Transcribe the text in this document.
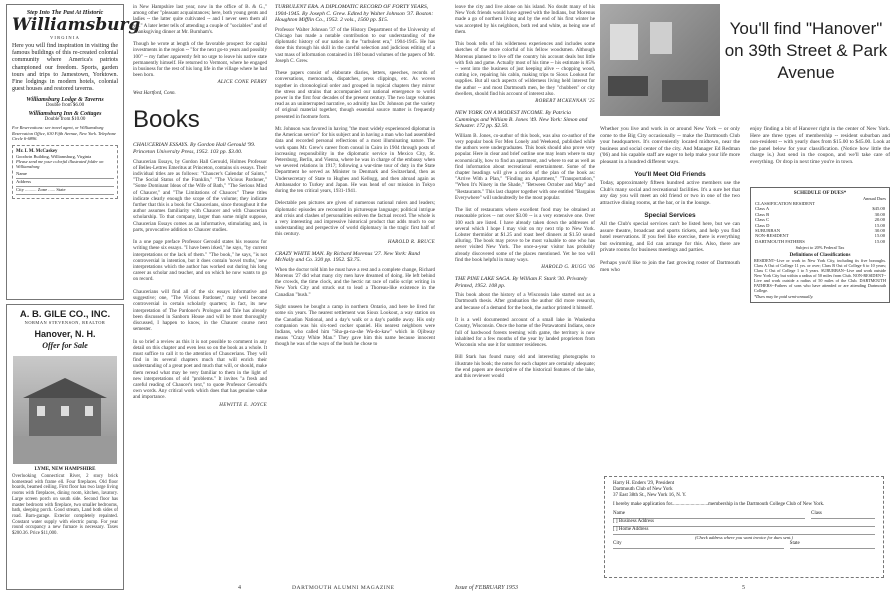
Step Into The Past At Historic
Williamsburg
VIRGINIA
Here you will find inspiration in visiting the famous buildings of this re-created colonial community where America's patriots championed our freedom. Sports, garden tours and trips to Jamestown, Yorktown. Fine lodgings in modern hotels, colonial guest houses and restored taverns.
Williamsburg Lodge & Taverns
Double from $6.00
Williamsburg Inn & Cottages
Double from $10.00
For Reservations: see travel agent, or Williamsburg Reservation Office, 630 Fifth Avenue, New York. Telephone Circle 6-6896.
Mr. I. M. McCaskey
Goodwin Building, Williamsburg, Virginia
Please send me your colorful illustrated folder on Williamsburg
Name
Address
City .......... Zone ...... State
A. B. GILE CO., INC.
NORMAN STEVENSON, REALTOR
Hanover, N. H.
Offer for Sale
LYME, NEW HAMPSHIRE
Overlooking Connecticut River, 2 story brick homestead with frame ell. Four fireplaces. Old floor boards, beamed ceiling. First floor has two large living rooms with fireplaces, dining room, kitchen, lavatory. Large screen porch on south side. Second floor has master bedroom with fireplace, two smaller bedrooms, bath, sleeping porch. Good stream, Land both sides of road. Barn-garage. Exterior completely repainted. Constant water supply with electric pump. For year round occupancy a new furnace is necessary. Taxes $200.36. Price $11,000.
in New Hampshire last year, now in the office of B. & G.," among other "pleasant acquaintances; here, both young gents and ladies -- the latter quite cultivated -- and I never seen them all yet." A later letter tells of attending a couple of "sociables" and of Thanksgiving dinner at Mr. Burnham's.

Though he wrote at length of the favorable prospect for capital investments in the region -- "for the next go-to years and possibly 100" -- my father apparently felt no urge to leave his native state permanently himself. He returned to Vermont, where he engaged in business for the rest of his long life in the village where he had been born.
ALICE CONE PERRY
West Hartford, Conn.
Books
CHAUCERIAN ESSAYS. By Gordon Hall Gerould '99. Princeton University Press, 1952. 103 pp. $3.00.
Chaucerian Essays, by Gordon Hall Gerould, Holmes Professor of Belles-Lettres Emeritus at Princeton, contains six essays. Their individual titles are as follows: "Chaucer's Calendar of Saints," "The Social Status of the Franklin," "The Vicious Pardoner," "Some Dominant Ideas of the Wife of Bath," "The Serious Mind of Chaucer," and "The Limitations of Chaucer." These titles indicate clearly enough the scope of the volume; they indicate further that this is a book for Chaucerians, since throughout it the author assumes familiarity with Chaucer and with Chaucerian scholarship. To that company, larger than some might suppose, Chaucerian Essays comes as an informative, stimulating and, in parts, provocative addition to Chaucer studies.

In a one page preface Professor Gerould states his reasons for writing these six essays. "I have been irked," he says, "by current interpretations or the lack of them." "The book," he says, "is not controversial in intention, but it does contain 'novel truths,' new interpretations which the author has worked out during his long career as scholar and teacher, and on which he now wants to go on record.

Chaucerians will find all of the six essays informative and suggestive; one, "The Vicious Pardoner," may well become controversial in certain scholarly quarters; in fact, its new interpretation of The Pardoner's Prologue and Tale has already been discussed in Sanborn House and will be most thoroughly discussed, I happen to know, in the Chaucer course next semester.

In so brief a review as this it is not possible to comment in any detail on this chapter and even less so on the book as a whole. It must suffice to call it to the attention of Chaucerians. They will find in its several chapters much that will enrich their understanding of a great poet and much that will, or should, make them reread what may be very familiar to them in the light of new interpretations of old "problems." It invites "a fresh and careful reading of Chaucer's text," to quote Professor Gerould's own words. Any critical work which does that has genuine value and importance.
HEWITTE E. JOYCE
TURBULENT ERA. A DIPLOMATIC RECORD OF FORTY YEARS, 1904-1945. By Joseph C. Grew. Edited by Walter Johnson '37. Boston: Houghton Mifflin Co., 1952. 2 vols., 1560 pp. $15.
Professor Walter Johnson '37 of the History Department of the University of Chicago has made a notable contribution to our understanding of the diplomatic history of our nation in the "turbulent era," 1904-1945. He has done this through his skill in the careful selection and judicious editing of a vast mass of information contained in 168 bound volumes of the papers of Mr. Joseph C. Grew.

These papers consist of elaborate diaries, letters, speeches, records of conversations, memoranda, dispatches, press clippings, etc. As woven together in chronological order and grouped in topical chapters they mirror the stress and strains that accompanied our national emergence to world power in the first four decades of the present century. The two large volumes read as an uninterrupted narrative, so adroitly has Dr. Johnson put the variety of original material together, though essential source matter is frequently presented in footnote form.

Mr. Johnson was favored in having "the most widely experienced diplomat in the American service" for his subject and in having a man who had assembled data and recorded personal reflections of a most illuminating nature. The work spans Mr. Grew's career from consul in Cairo in 1904 through posts of increasing responsibility in the diplomatic service in Mexico City, St. Petersburg, Berlin, and Vienna, where he was in charge of the embassy when we severed relations in 1917; following a war-time tour of duty in the State Department he served as Minister to Denmark and Switzerland, then as Undersecretary of State to Hughes and Kellogg, and then abroad again as Ambassador to Turkey and Japan. He was head of our mission in Tokyo during the ten critical years, 1931-1941.

Delectable pen pictures are given of numerous national rulers and leaders; diplomatic episodes are recounted in picturesque language; political intrigue and crisis and clashes of personalities enliven the factual record. The whole is a very interesting and impressive historical product that adds much to our understanding and perspective of world diplomacy in the tragic first half of this century.
HAROLD R. BRUCE
CRAZY WHITE MAN. By Richard Morenus '27. New York: Rand McNally and Co. 320 pp. 1952. $3.75.
When the doctor told him he must have a rest and a complete change, Richard Morenus '27 did what many city men have dreamed of doing. He left behind the crowds, the time clock, and the hectic rat race of radio script writing in New York City and struck out to lead a Thoreau-like existence in the Canadian "bush."

Sight unseen he bought a camp in northern Ontario, and here he lived for some six years. The nearest settlement was Sioux Lookout, a way station on the Canadian National, and a day's walk or a day's paddle away. His only companion was his six-toed cocker spaniel. His nearest neighbors were Indians, who called him "Sha-ga-na-she Wa-do-kaw" which in Ojibway means "Crazy White Man." They gave him this name because innocent though he was of the ways of the bush he chose to
leave the city and live alone on his island. No doubt many of his New York friends would have agreed with the Indians, but Morenus made a go of northern living and by the end of his first winter he was accepted by his neighbors, both red and white, as being one of them.

This book tells of his wilderness experiences and includes some sketches of the more colorful of his fellow woodsmen. Although Morenus planned to live off the country his account deals but little with fish and game. Actually most of his time -- his estimate is 85% -- went into the business of just keeping alive -- chopping wood, cutting ice, repairing his cabin, making trips to Sioux Lookout for supplies. But all such aspects of wilderness living held interest for the author -- and most Dartmouth men, be they "chubbers" or city dwellers, should find his account of interest also.
ROBERT MCKENNAN '25
NEW YORK ON A MODEST INCOME. By Patricia Cummings and William B. Jones '49. New York: Simon and Schuster. 172 pp. $2.50.
William B. Jones, co-author of this book, was also co-author of the very popular book For Men Lonely and Weekend, published while the authors were undergraduates. This book should also prove very popular. Here in clear and brief outline one may learn where to stay economically, how to find an apartment, and where to eat as well as find information about recreational entertainment. Some of the chapter headings will give a notion of the plan of the book as: "Arrive With a Plan," "Finding an Apartment," "Transportation," "When It's Ninety in the Shade," "Between October and May" and "Restaurants." This last chapter together with one entitled "Bargains Everywhere" will undoubtedly be the most popular.

The list of restaurants where excellent food may be obtained at reasonable prices -- not over $3.00 -- is a very extensive one. Over 100 each are listed. I have already taken down the addresses of several which I hope I may visit on my next trip to New York. Lobster thermidor at $1.25 and roast beef dinners at $1.50 sound alluring. The book may prove to be most valuable to one who has never visited New York. The once-a-year visitor has probably already discovered some of the places mentioned. Yet he too will find the book helpful in many ways.
HAROLD G. RUGG '06
THE PINE LAKE SAGA. By William F. Stark '30. Privately Printed, 1952. 108 pp.
This book about the history of a Wisconsin lake started out as a Dartmouth thesis. After graduation the author did more research, and because of a demand for the book, the author printed it himself.

It is a well documented account of a small lake in Waukesha County, Wisconsin. Once the home of the Potawatomi Indians, once full of hardwood forests teeming with game, the territory is now inhabited for a few months of the year by landed proprietors from Wisconsin who use it for summer residences.

Bill Stark has found many old and interesting photographs to illustrate his book; the notes for each chapter are certainly adequate; the end papers are descriptive of the historical features of the lake, and this reviewer would
You'll find "Hanover"
on 39th Street & Park Avenue
Whether you live and work in or around New York -- or only come to the Big City occasionally -- make the Dartmouth Club your headquarters. It's conveniently located midtown, near the business and social center of the city. And Manager Ed Redman ('06) and his capable staff are eager to help make your life more pleasant in a hundred different ways.
You'll Meet Old Friends
Today, approximately fifteen hundred active members use the Club's many social and recreational facilities. It's a sure bet that any day you will meet an old friend or two in one of the two attractive dining rooms, at the bar, or in the lounge.
Special Services
All the Club's special services can't be listed here, but we can assure theatre, broadcast and sports tickets, and help you find hotel reservations. If you feel like exercise, there is everything but swimming, and Ed can arrange for this. Also, there are private rooms for business meetings and parties.

Perhaps you'd like to join the fast growing roster of Dartmouth men who
enjoy finding a bit of Hanover right in the center of New York. Here are three types of membership -- resident suburban and non-resident -- with yearly dues from $15.00 to $45.00. Look at the panel below for your classification. (Notice how little the charge is.) Just send in the coupon, and we'll take care of everything. Or drop in next time you're in town.
SCHEDULE OF DUES*
Annual Dues
CLASSIFICATION RESIDENT	
Class A	$45.00
Class B	30.00
Class C	20.00
Class D	15.00
SUBURBAN	30.00
NON-RESIDENT	15.00
DARTMOUTH FATHERS	15.00
Subject to 20% Federal Tax
Definitions of Classifications
RESIDENT--Live or work in New York City, including its five boroughs. Class A Out of College 11 yrs. or over; Class B Out of College 6 to 10 years; Class C Out of College 1 to 5 years. SUBURBAN--Live and work outside New York City but within a radius of 50 miles from Club. NON-RESIDENT--Live and work outside a radius of 50 miles of the Club. DARTMOUTH FATHERS--Fathers of sons who have attended or are attending Dartmouth College.
*Dues may be paid semi-annually.
Harry H. Enders '29, President
Dartmouth Club of New York
37 East 38th St., New York 16, N. Y.
I hereby make application for.............................membership in the Dartmouth College Club of New York.
Name	Class
[ ] Business Address
[ ] Home Address
(Check address where you want invoice for dues sent.)
City	State
4	DARTMOUTH ALUMNI MAGAZINE	Issue of FEBRUARY 1953	5
